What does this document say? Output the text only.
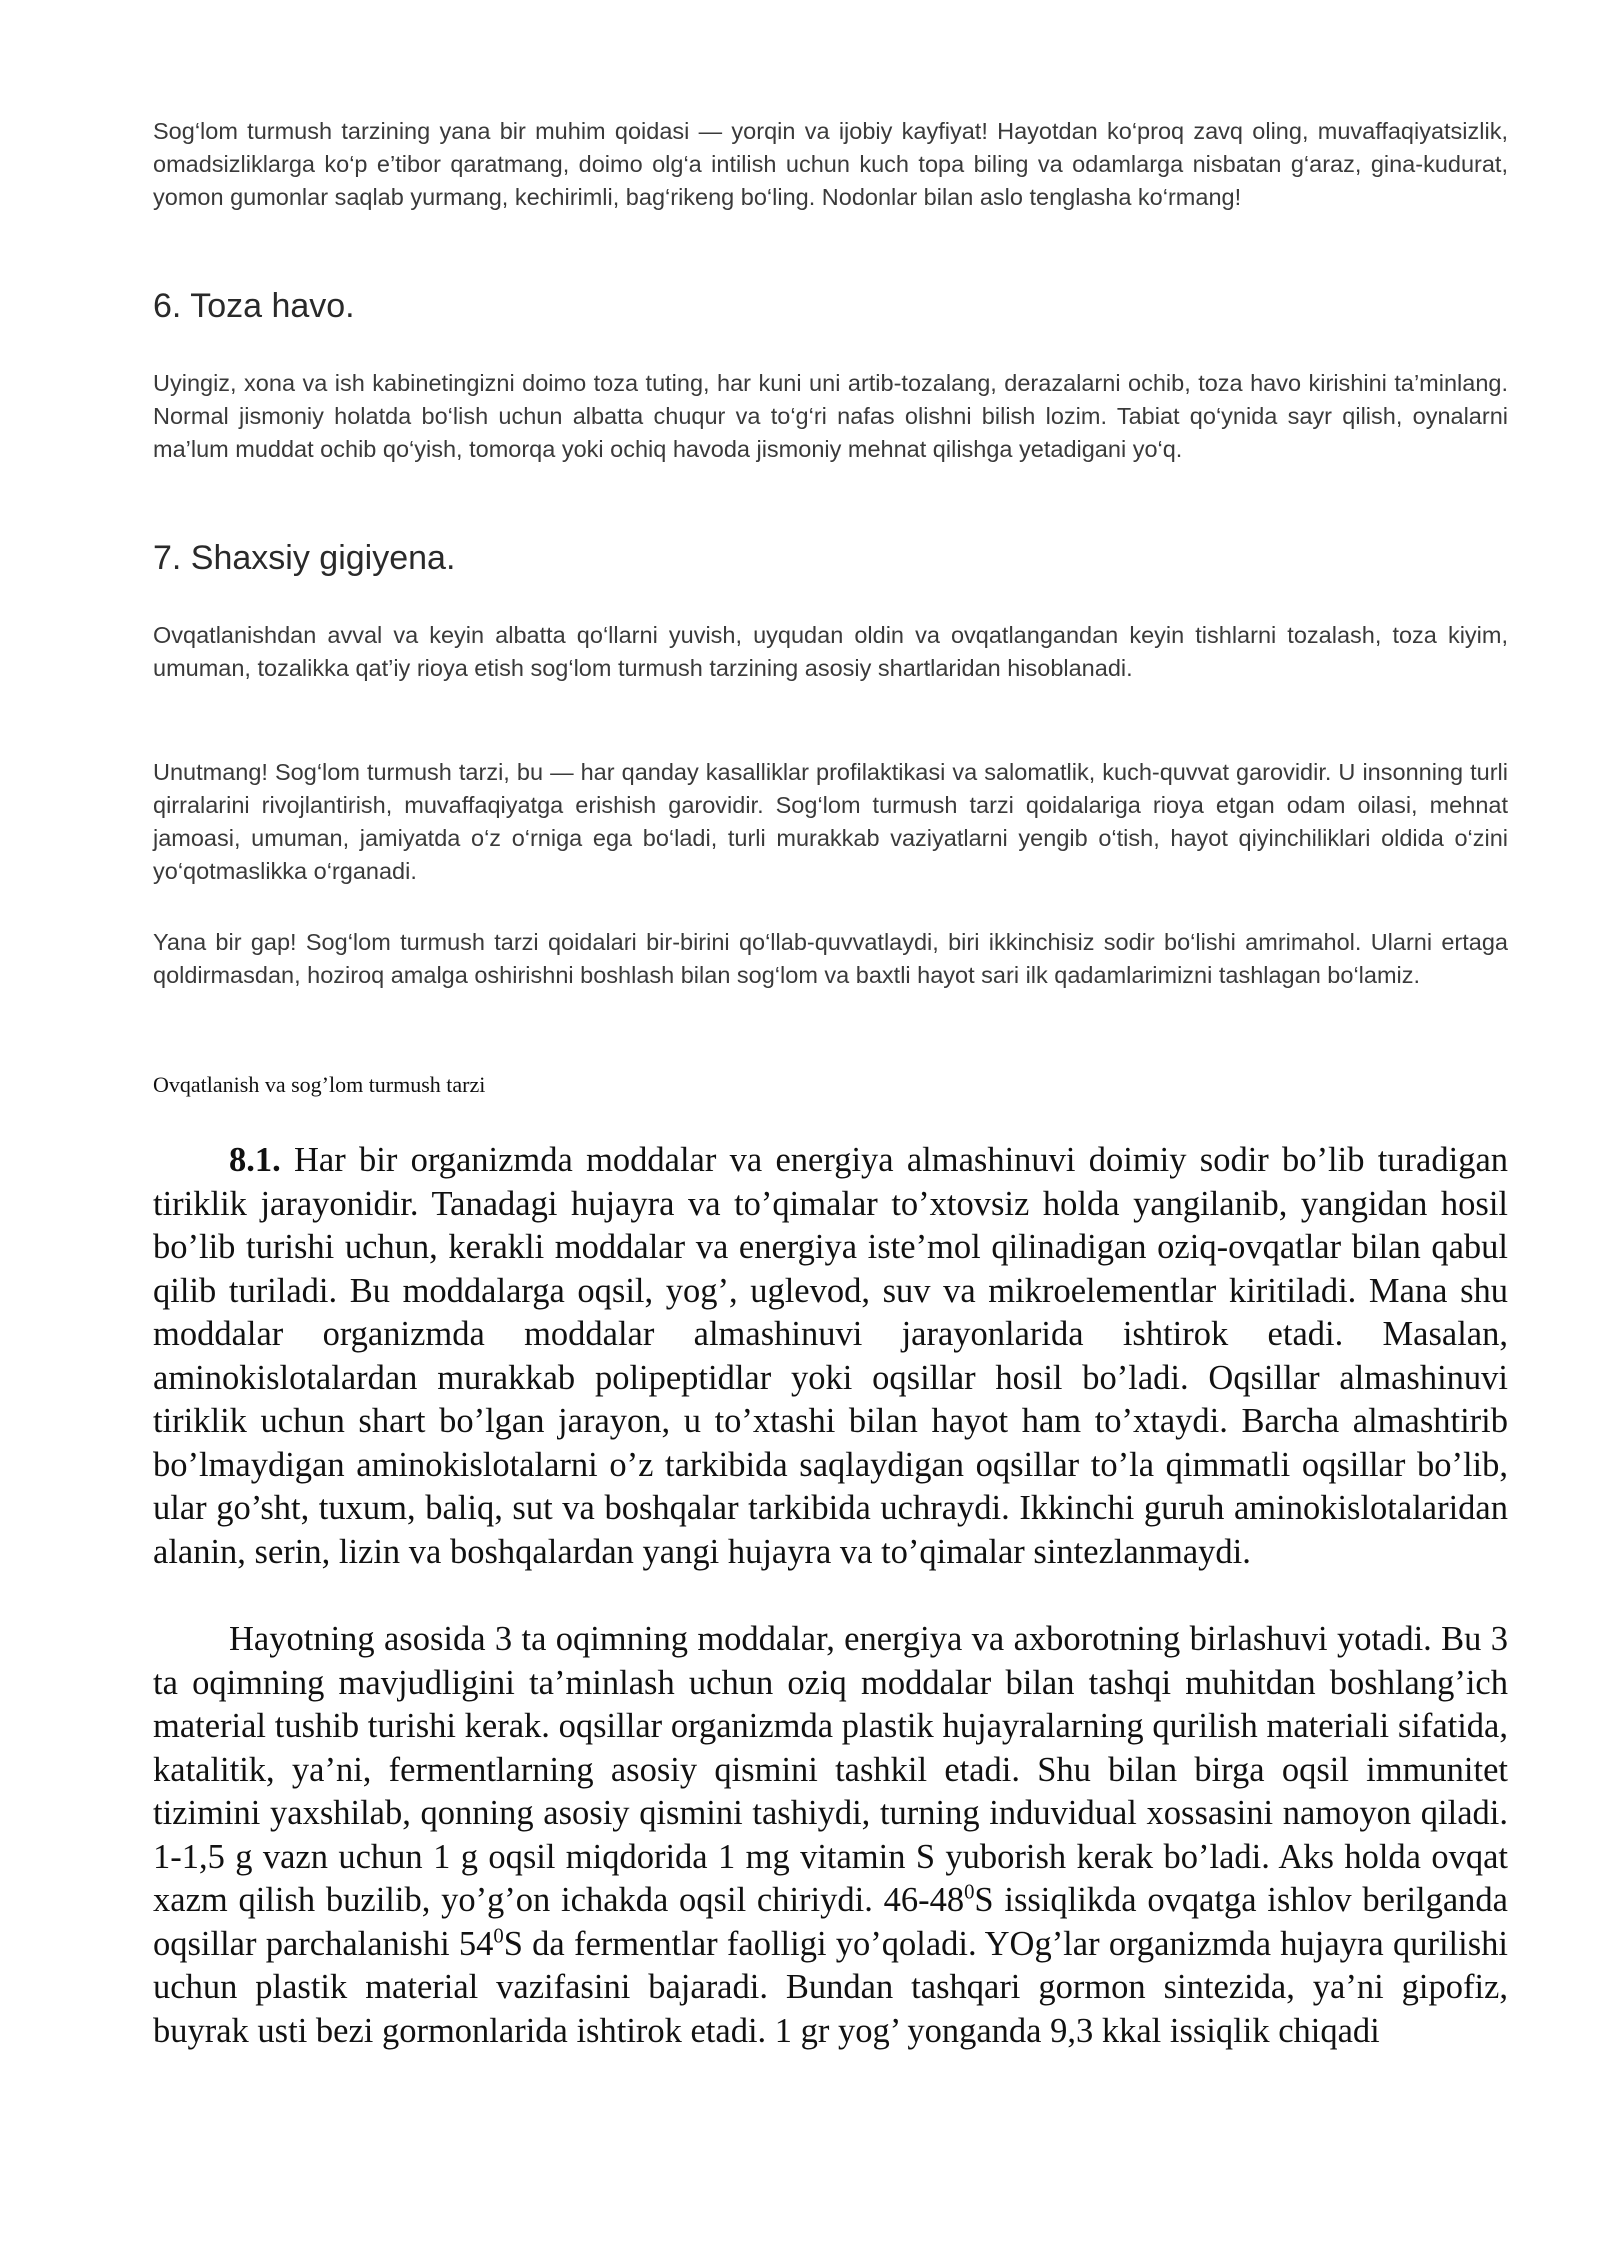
Sog‘lom turmush tarzining yana bir muhim qoidasi — yorqin va ijobiy kayfiyat! Hayotdan ko‘proq zavq oling, muvaffaqiyatsizlik, omadsizliklarga ko‘p e’tibor qaratmang, doimo olg‘a intilish uchun kuch topa biling va odamlarga nisbatan g‘araz, gina-kudurat, yomon gumonlar saqlab yurmang, kechirimli, bag‘rikeng bo‘ling. Nodonlar bilan aslo tenglasha ko‘rmang!

6. Toza havo.

Uyingiz, xona va ish kabinetingizni doimo toza tuting, har kuni uni artib-tozalang, derazalarni ochib, toza havo kirishini ta’minlang. Normal jismoniy holatda bo‘lish uchun albatta chuqur va to‘g‘ri nafas olishni bilish lozim. Tabiat qo‘ynida sayr qilish, oynalarni ma’lum muddat ochib qo‘yish, tomorqa yoki ochiq havoda jismoniy mehnat qilishga yetadigani yo‘q.

7. Shaxsiy gigiyena.

Ovqatlanishdan avval va keyin albatta qo‘llarni yuvish, uyqudan oldin va ovqatlangandan keyin tishlarni tozalash, toza kiyim, umuman, tozalikka qat’iy rioya etish sog‘lom turmush tarzining asosiy shartlaridan hisoblanadi.

Unutmang! Sog‘lom turmush tarzi, bu — har qanday kasalliklar profilaktikasi va salomatlik, kuch-quvvat garovidir. U insonning turli qirralarini rivojlantirish, muvaffaqiyatga erishish garovidir. Sog‘lom turmush tarzi qoidalariga rioya etgan odam oilasi, mehnat jamoasi, umuman, jamiyatda o‘z o‘rniga ega bo‘ladi, turli murakkab vaziyatlarni yengib o‘tish, hayot qiyinchiliklari oldida o‘zini yo‘qotmaslikka o‘rganadi.

Yana bir gap! Sog‘lom turmush tarzi qoidalari bir-birini qo‘llab-quvvatlaydi, biri ikkinchisiz sodir bo‘lishi amrimahol. Ularni ertaga qoldirmasdan, hoziroq amalga oshirishni boshlash bilan sog‘lom va baxtli hayot sari ilk qadamlarimizni tashlagan bo‘lamiz.

Ovqatlanish va sog’lom turmush tarzi

8.1. Har bir organizmda moddalar va energiya almashinuvi doimiy sodir bo’lib turadigan tiriklik jarayonidir. Tanadagi hujayra va to’qimalar to’xtovsiz holda yangilanib, yangidan hosil bo’lib turishi uchun, kerakli moddalar va energiya iste’mol qilinadigan oziq-ovqatlar bilan qabul qilib turiladi. Bu moddalarga oqsil, yog’, uglevod, suv va mikroelementlar kiritiladi. Mana shu moddalar organizmda moddalar almashinuvi jarayonlarida ishtirok etadi. Masalan, aminokislotalardan murakkab polipeptidlar yoki oqsillar hosil bo’ladi. Oqsillar almashinuvi tiriklik uchun shart bo’lgan jarayon, u to’xtashi bilan hayot ham to’xtaydi. Barcha almashtirib bo’lmaydigan aminokislotalarni o’z tarkibida saqlaydigan oqsillar to’la qimmatli oqsillar bo’lib, ular go’sht, tuxum, baliq, sut va boshqalar tarkibida uchraydi. Ikkinchi guruh aminokislotalaridan alanin, serin, lizin va boshqalardan yangi hujayra va to’qimalar sintezlanmaydi.

Hayotning asosida 3 ta oqimning moddalar, energiya va axborotning birlashuvi yotadi. Bu 3 ta oqimning mavjudligini ta’minlash uchun oziq moddalar bilan tashqi muhitdan boshlang’ich material tushib turishi kerak. oqsillar organizmda plastik hujayralarning qurilish materiali sifatida, katalitik, ya’ni, fermentlarning asosiy qismini tashkil etadi. Shu bilan birga oqsil immunitet tizimini yaxshilab, qonning asosiy qismini tashiydi, turning induvidual xossasini namoyon qiladi. 1-1,5 g vazn uchun 1 g oqsil miqdorida 1 mg vitamin S yuborish kerak bo’ladi. Aks holda ovqat xazm qilish buzilib, yo’g’on ichakda oqsil chiriydi. $46-48^0S$ issiqlikda ovqatga ishlov berilganda oqsillar parchalanishi $54^0S$ da fermentlar faolligi yo’qoladi. YOg’lar organizmda hujayra qurilishi uchun plastik material vazifasini bajaradi. Bundan tashqari gormon sintezida, ya’ni gipofiz, buyrak usti bezi gormonlarida ishtirok etadi. 1 gr yog’ yonganda 9,3 kkal issiqlik chiqadi
